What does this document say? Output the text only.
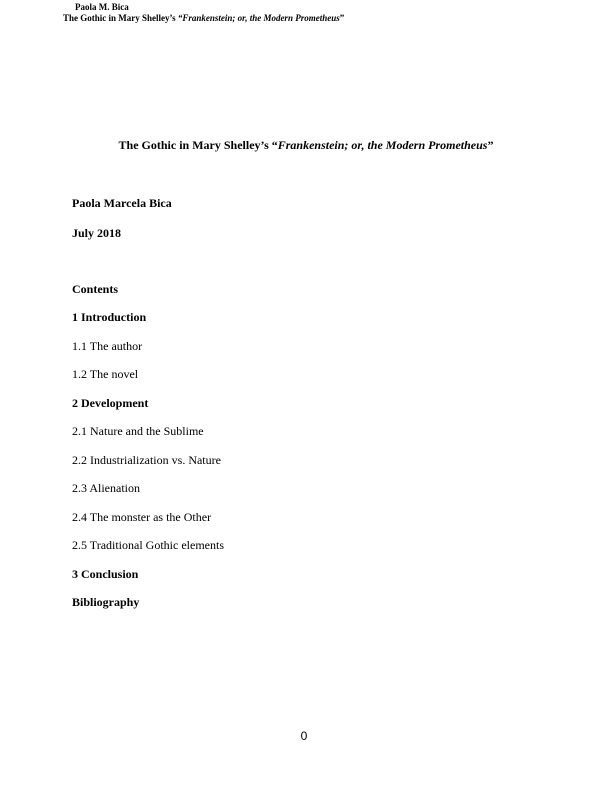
Paola M. Bica
The Gothic in Mary Shelley’s “Frankenstein; or, the Modern Prometheus”
The Gothic in Mary Shelley’s “Frankenstein; or, the Modern Prometheus”
Paola Marcela Bica
July 2018
Contents
1 Introduction
1.1 The author
1.2 The novel
2 Development
2.1 Nature and the Sublime
2.2 Industrialization vs. Nature
2.3 Alienation
2.4 The monster as the Other
2.5 Traditional Gothic elements
3 Conclusion
Bibliography
0
